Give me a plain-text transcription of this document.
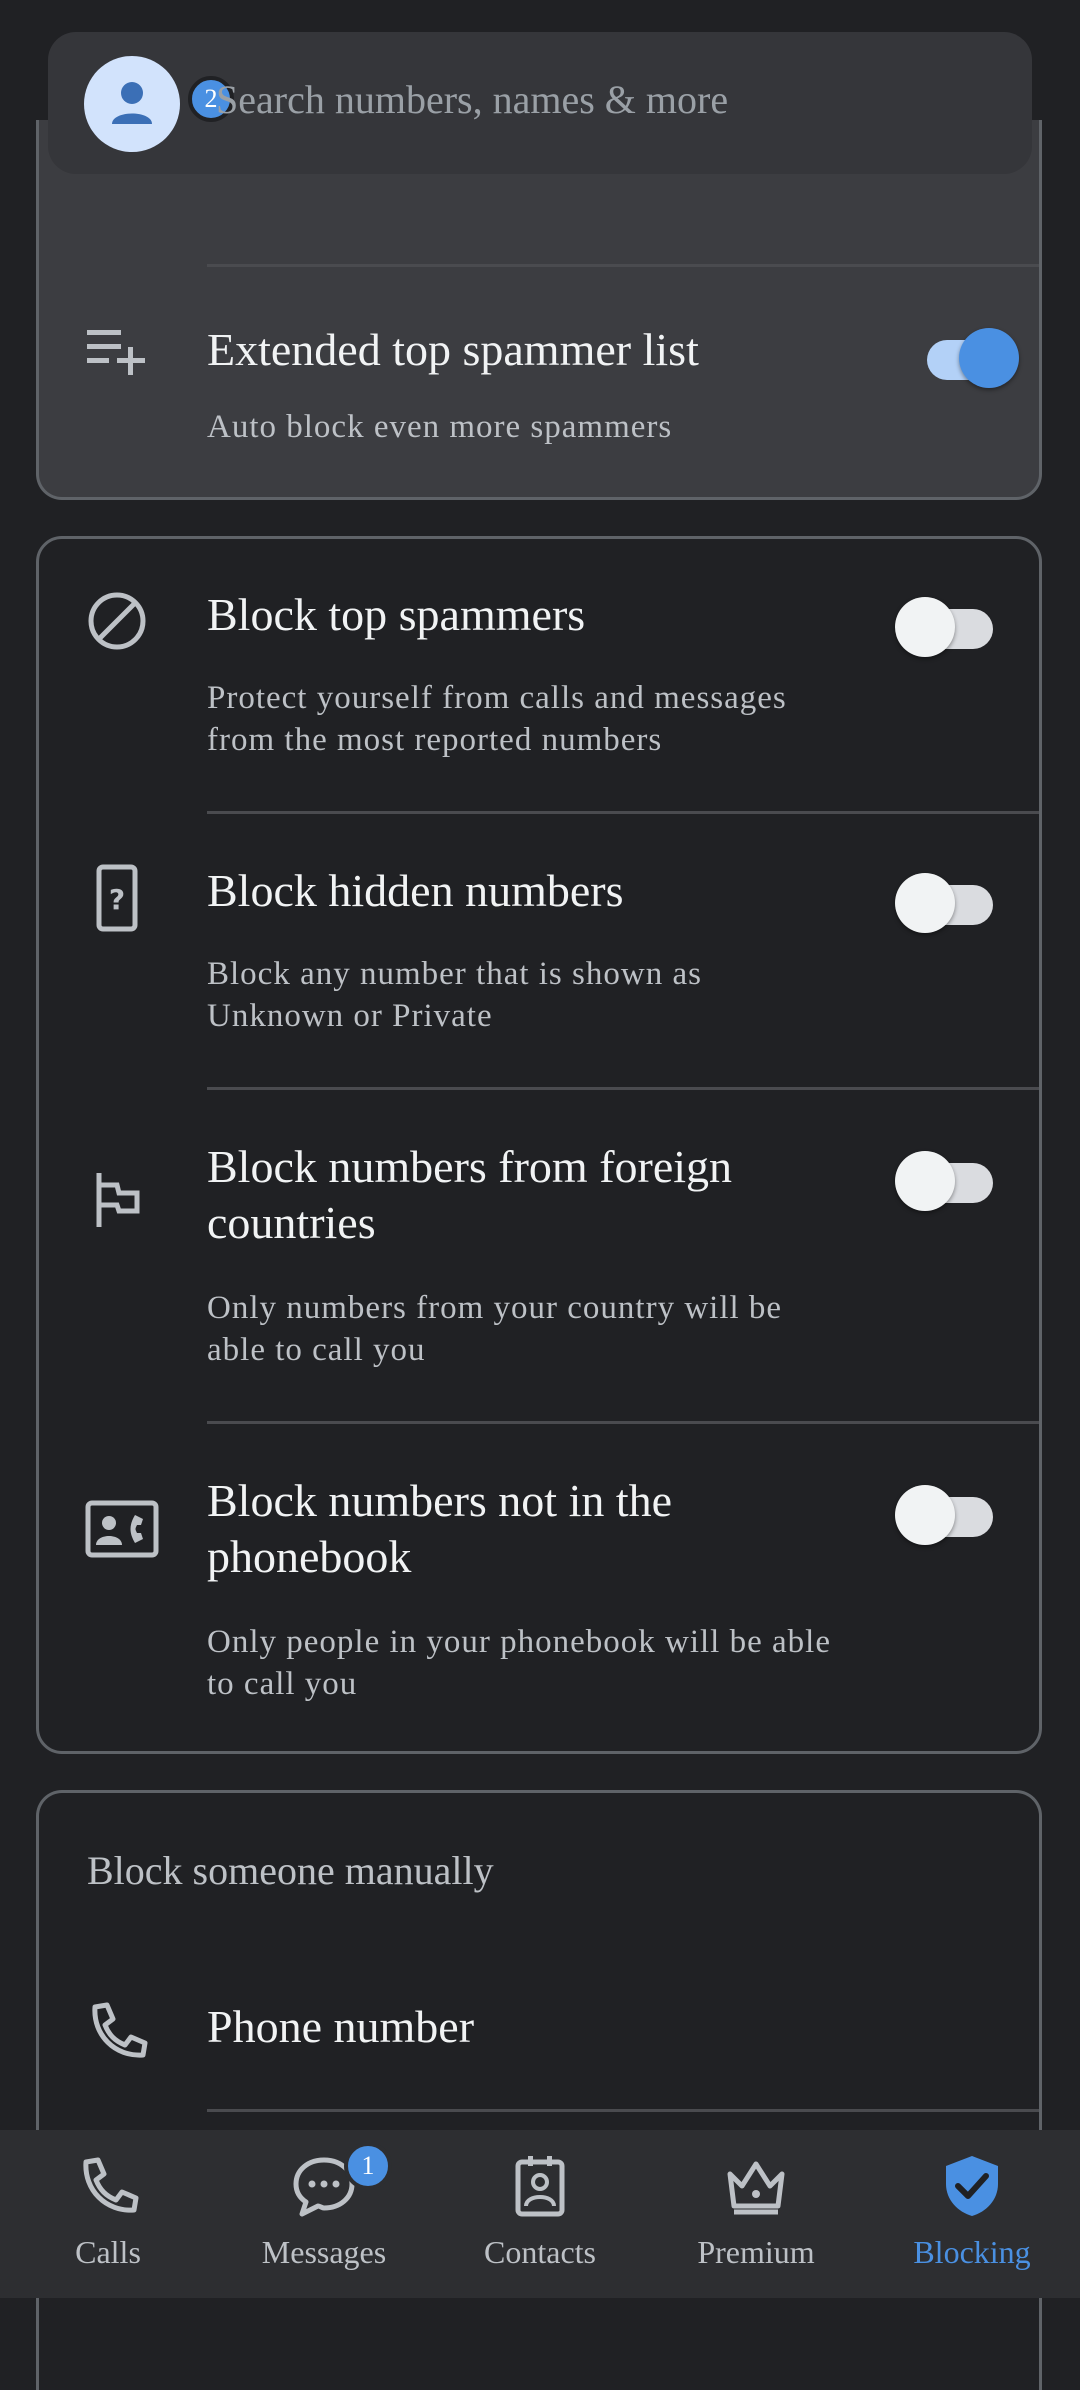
2
Search numbers, names & more
Extended top spammer list
Auto block even more spammers
Block top spammers
Protect yourself from calls and messages from the most reported numbers
? Block hidden numbers
Block any number that is shown as Unknown or Private
Block numbers from foreign countries
Only numbers from your country will be able to call you
Block numbers not in the phonebook
Only people in your phonebook will be able to call you
Block someone manually
Phone number
Calls
1
Messages	Contacts	Premium	Blocking
